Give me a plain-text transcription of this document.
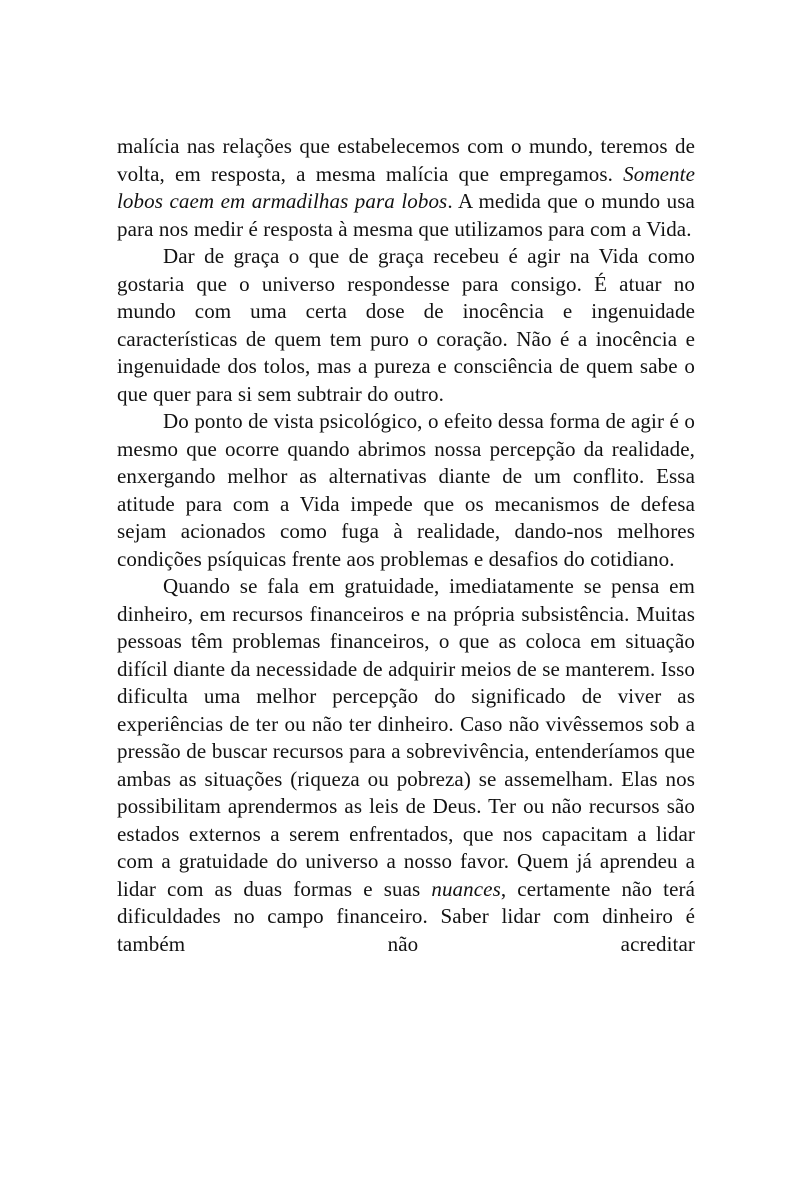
malícia nas relações que estabelecemos com o mundo, teremos de volta, em resposta, a mesma malícia que empregamos. Somente lobos caem em armadilhas para lobos. A medida que o mundo usa para nos medir é resposta à mesma que utilizamos para com a Vida.

Dar de graça o que de graça recebeu é agir na Vida como gostaria que o universo respondesse para consigo. É atuar no mundo com uma certa dose de inocência e ingenuidade características de quem tem puro o coração. Não é a inocência e ingenuidade dos tolos, mas a pureza e consciência de quem sabe o que quer para si sem subtrair do outro.

Do ponto de vista psicológico, o efeito dessa forma de agir é o mesmo que ocorre quando abrimos nossa percepção da realidade, enxergando melhor as alternativas diante de um conflito. Essa atitude para com a Vida impede que os mecanismos de defesa sejam acionados como fuga à realidade, dando-nos melhores condições psíquicas frente aos problemas e desafios do cotidiano.

Quando se fala em gratuidade, imediatamente se pensa em dinheiro, em recursos financeiros e na própria subsistência. Muitas pessoas têm problemas financeiros, o que as coloca em situação difícil diante da necessidade de adquirir meios de se manterem. Isso dificulta uma melhor percepção do significado de viver as experiências de ter ou não ter dinheiro. Caso não vivêssemos sob a pressão de buscar recursos para a sobrevivência, entenderíamos que ambas as situações (riqueza ou pobreza) se assemelham. Elas nos possibilitam aprendermos as leis de Deus. Ter ou não recursos são estados externos a serem enfrentados, que nos capacitam a lidar com a gratuidade do universo a nosso favor. Quem já aprendeu a lidar com as duas formas e suas nuances, certamente não terá dificuldades no campo financeiro. Saber lidar com dinheiro é também não acreditar
